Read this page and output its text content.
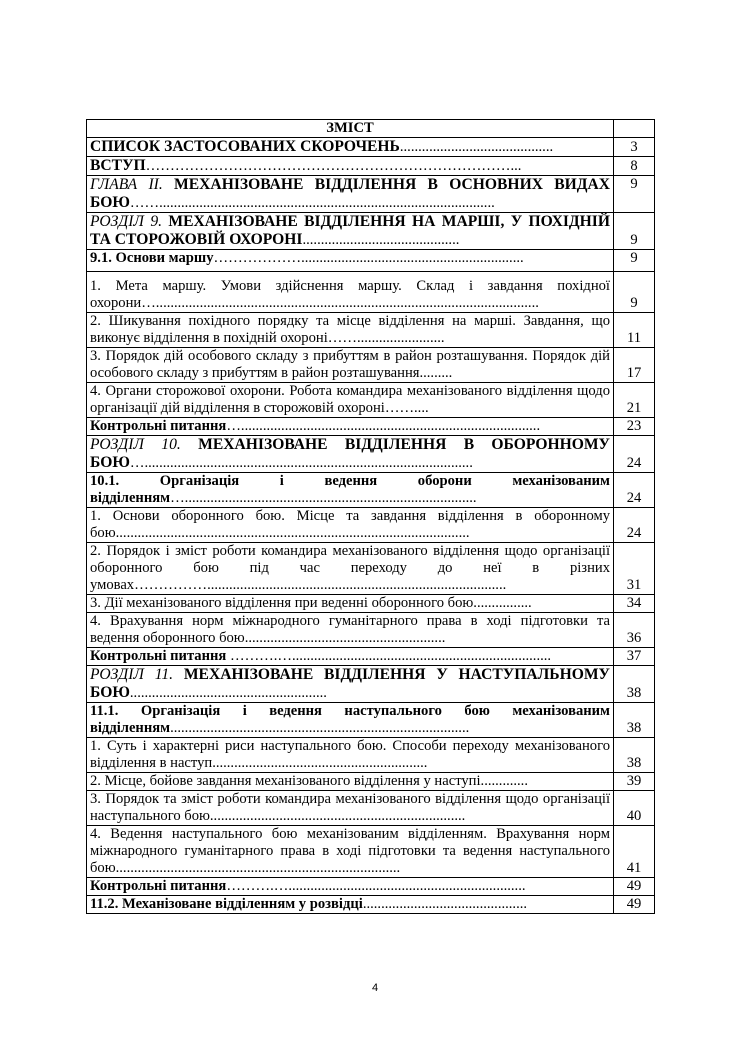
ЗМІСТ	
СПИСОК ЗАСТОСОВАНИХ СКОРОЧЕНЬ..........................................	3
ВСТУП…………………………………………………………………...	8
ГЛАВА ІІ. МЕХАНІЗОВАНЕ ВІДДІЛЕННЯ В ОСНОВНИХ ВИДАХ БОЮ……............................................................................................	9
РОЗДІЛ 9. МЕХАНІЗОВАНЕ ВІДДІЛЕННЯ НА МАРШІ, У ПОХІДНІЙ ТА СТОРОЖОВІЙ ОХОРОНІ...........................................	9
9.1. Основи маршу……………….............................................................	9
1. Мета маршу. Умови здійснення маршу. Склад і завдання похідної охорони….........................................................................................................	9
2. Шикування похідного порядку та місце відділення на марші. Завдання, що виконує відділення в похідній охороні……........................	11
3. Порядок дій особового складу з прибуттям в район розташування. Порядок дій особового складу з прибуттям в район розташування.........	17
4. Органи сторожової охорони. Робота командира механізованого відділення щодо організації дій відділення в сторожовій охороні……....	21
Контрольні питання…..................................................................................	23
РОЗДІЛ 10. МЕХАНІЗОВАНЕ ВІДДІЛЕННЯ В ОБОРОННОМУ БОЮ…..........................................................................................	24
10.1. Організація і ведення оборони механізованим відділенням…................................................................................	24
1. Основи оборонного бою. Місце та завдання відділення в оборонному бою.................................................................................................	24
2. Порядок і зміст роботи командира механізованого відділення щодо організації оборонного бою під час переходу до неї в різних умовах……………..................................................................................	31
3. Дії механізованого відділення при веденні оборонного бою................	34
4. Врахування норм міжнародного гуманітарного права в ході підготовки та ведення оборонного бою.......................................................	36
Контрольні питання ……….….......................................................................	37
РОЗДІЛ 11. МЕХАНІЗОВАНЕ ВІДДІЛЕННЯ У НАСТУПАЛЬНОМУ БОЮ......................................................	38
11.1. Організація і ведення наступального бою механізованим відділенням..................................................................................	38
1. Суть і характерні риси наступального бою. Способи переходу механізованого відділення в наступ...........................................................	38
2. Місце, бойове завдання механізованого відділення у наступі.............	39
3. Порядок та зміст роботи командира механізованого відділення щодо організації наступального бою......................................................................	40
4. Ведення наступального бою механізованим відділенням. Врахування норм міжнародного гуманітарного права в ході підготовки та ведення наступального бою..............................................................................	41
Контрольні питання……….….................................................................	49
11.2. Механізоване відділенням у розвідці.............................................	49
4
